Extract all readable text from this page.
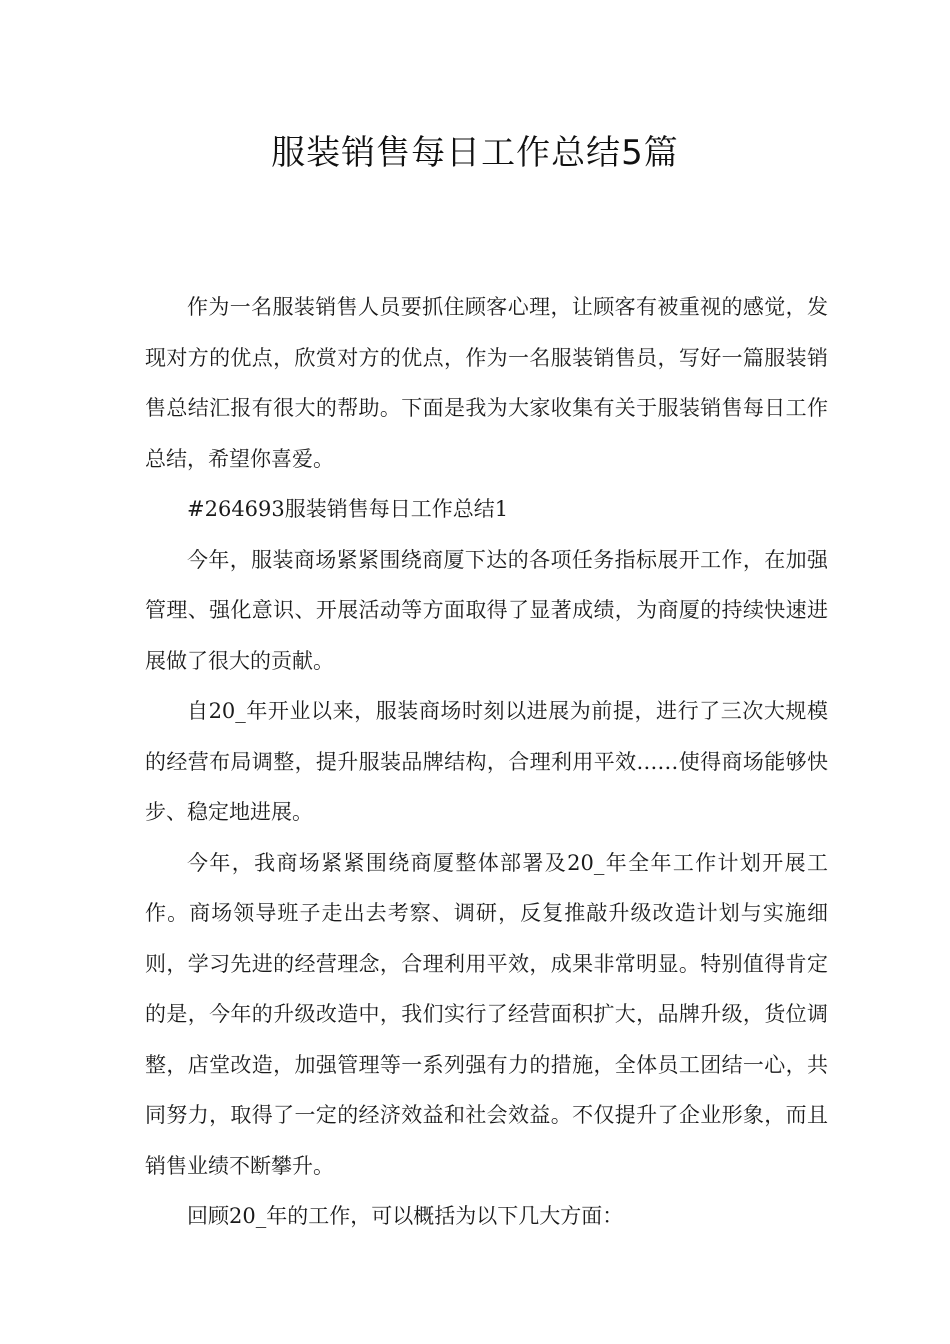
服装销售每日工作总结5篇

作为一名服装销售人员要抓住顾客心理，让顾客有被重视的感觉，发现对方的优点，欣赏对方的优点，作为一名服装销售员，写好一篇服装销售总结汇报有很大的帮助。下面是我为大家收集有关于服装销售每日工作总结，希望你喜爱。

#264693服装销售每日工作总结1

今年，服装商场紧紧围绕商厦下达的各项任务指标展开工作，在加强管理、强化意识、开展活动等方面取得了显著成绩，为商厦的持续快速进展做了很大的贡献。

自20_年开业以来，服装商场时刻以进展为前提，进行了三次大规模的经营布局调整，提升服装品牌结构，合理利用平效……使得商场能够快步、稳定地进展。

今年，我商场紧紧围绕商厦整体部署及20_年全年工作计划开展工作。商场领导班子走出去考察、调研，反复推敲升级改造计划与实施细则，学习先进的经营理念，合理利用平效，成果非常明显。特别值得肯定的是，今年的升级改造中，我们实行了经营面积扩大，品牌升级，货位调整，店堂改造，加强管理等一系列强有力的措施，全体员工团结一心，共同努力，取得了一定的经济效益和社会效益。不仅提升了企业形象，而且销售业绩不断攀升。

回顾20_年的工作，可以概括为以下几大方面：
